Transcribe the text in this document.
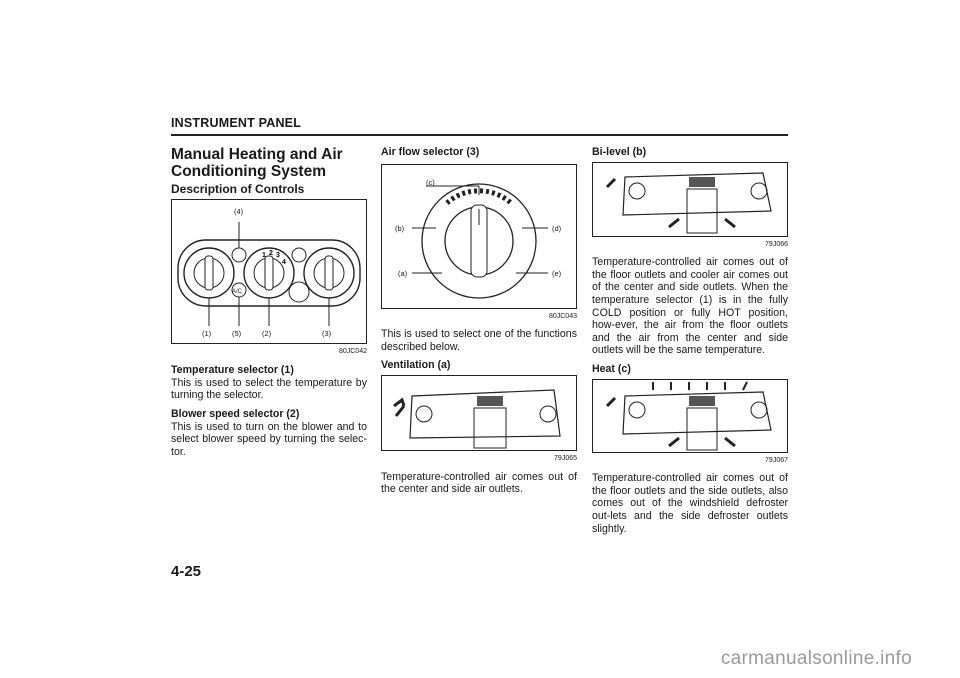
INSTRUMENT PANEL
Manual Heating and Air Conditioning System
Description of Controls
1 2 3
4
(4)
A/C
(1)	(5)	(2)	(3)
80JC042
Temperature selector (1)
This is used to select the temperature by turning the selector.
Blower speed selector (2)
This is used to turn on the blower and to select blower speed by turning the selec-tor.
Air flow selector (3)
(c)
(b)
(a)
(d)
(e)
80JC043
This is used to select one of the functions described below.
Ventilation (a)
79J065
Temperature-controlled air comes out of the center and side air outlets.
Bi-level (b)
79J066
Temperature-controlled air comes out of the floor outlets and cooler air comes out of the center and side outlets. When the temperature selector (1) is in the fully COLD position or fully HOT position, how-ever, the air from the floor outlets and the air from the center and side outlets will be the same temperature.
Heat (c)
79J067
Temperature-controlled air comes out of the floor outlets and the side outlets, also comes out of the windshield defroster out-lets and the side defroster outlets slightly.
4-25
carmanualsonline.info
